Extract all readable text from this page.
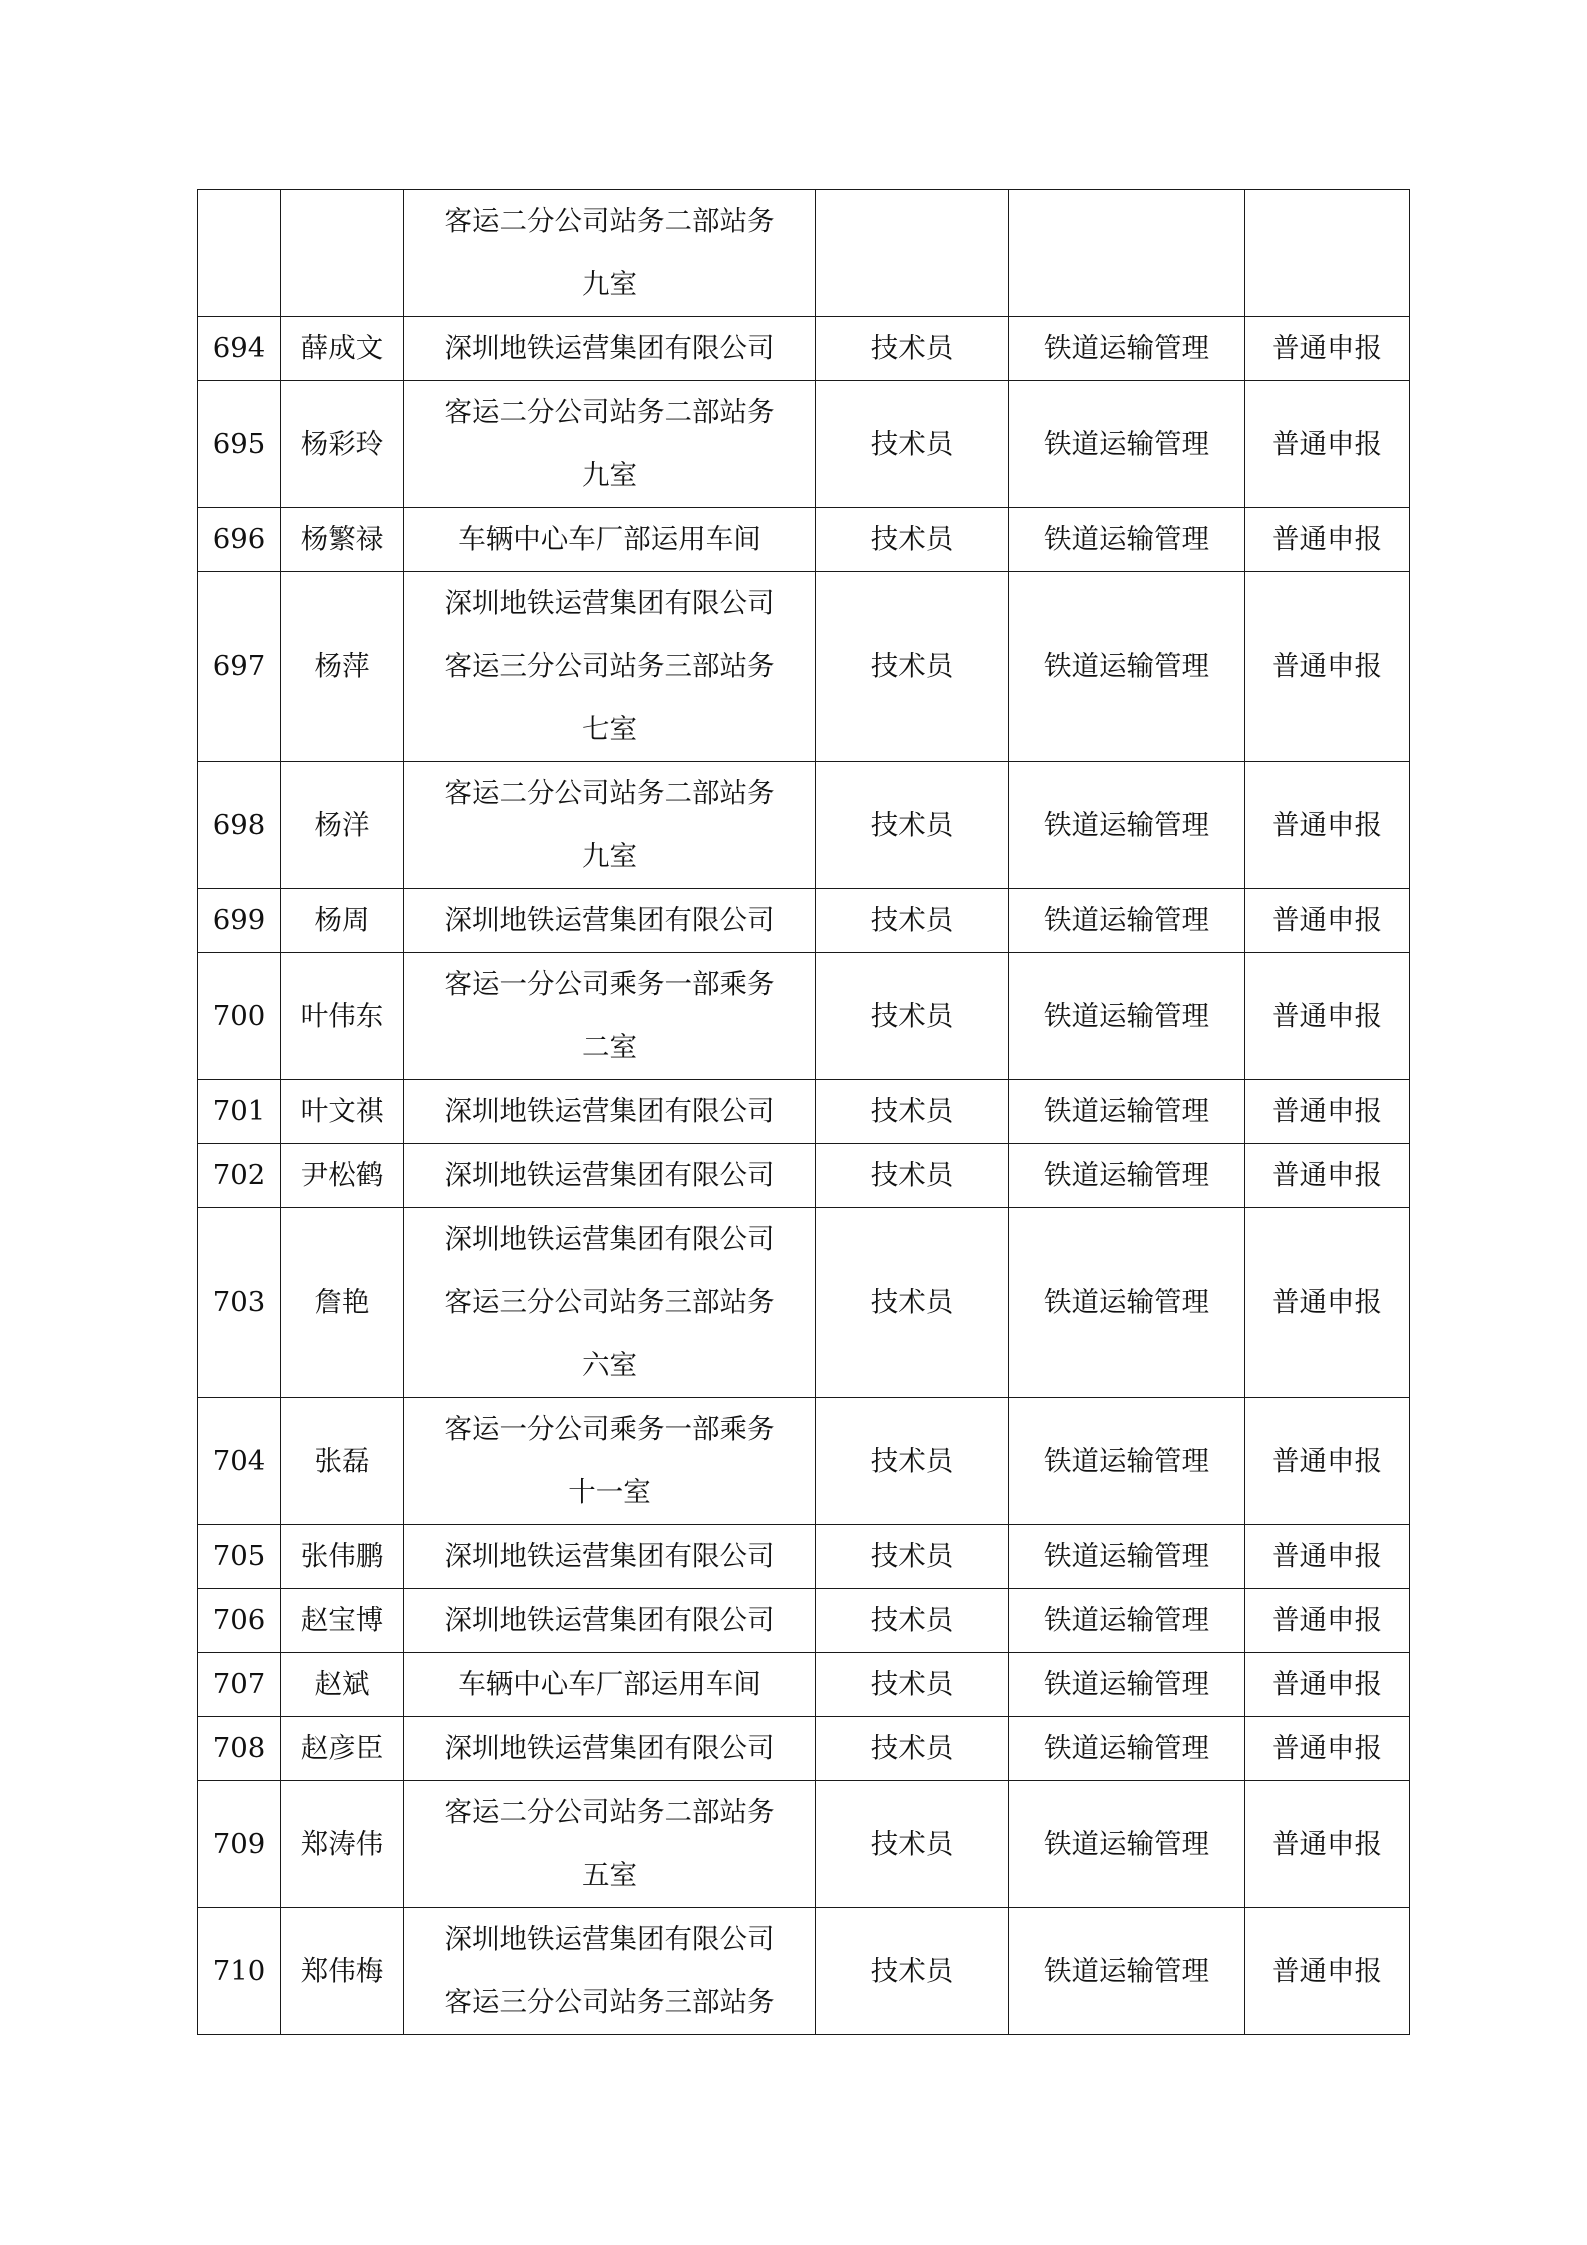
		客运二分公司站务二部站务
九室			

694	薛成文	深圳地铁运营集团有限公司	技术员	铁道运输管理	普通申报
695	杨彩玲	客运二分公司站务二部站务
九室	技术员	铁道运输管理	普通申报
696	杨繁禄	车辆中心车厂部运用车间	技术员	铁道运输管理	普通申报
697	杨萍	深圳地铁运营集团有限公司
客运三分公司站务三部站务
七室	技术员	铁道运输管理	普通申报
698	杨洋	客运二分公司站务二部站务
九室	技术员	铁道运输管理	普通申报
699	杨周	深圳地铁运营集团有限公司	技术员	铁道运输管理	普通申报
700	叶伟东	客运一分公司乘务一部乘务
二室	技术员	铁道运输管理	普通申报
701	叶文祺	深圳地铁运营集团有限公司	技术员	铁道运输管理	普通申报
702	尹松鹤	深圳地铁运营集团有限公司	技术员	铁道运输管理	普通申报
703	詹艳	深圳地铁运营集团有限公司
客运三分公司站务三部站务
六室	技术员	铁道运输管理	普通申报
704	张磊	客运一分公司乘务一部乘务
十一室	技术员	铁道运输管理	普通申报
705	张伟鹏	深圳地铁运营集团有限公司	技术员	铁道运输管理	普通申报
706	赵宝博	深圳地铁运营集团有限公司	技术员	铁道运输管理	普通申报
707	赵斌	车辆中心车厂部运用车间	技术员	铁道运输管理	普通申报
708	赵彦臣	深圳地铁运营集团有限公司	技术员	铁道运输管理	普通申报
709	郑涛伟	客运二分公司站务二部站务
五室	技术员	铁道运输管理	普通申报
710	郑伟梅	深圳地铁运营集团有限公司
客运三分公司站务三部站务	技术员	铁道运输管理	普通申报
